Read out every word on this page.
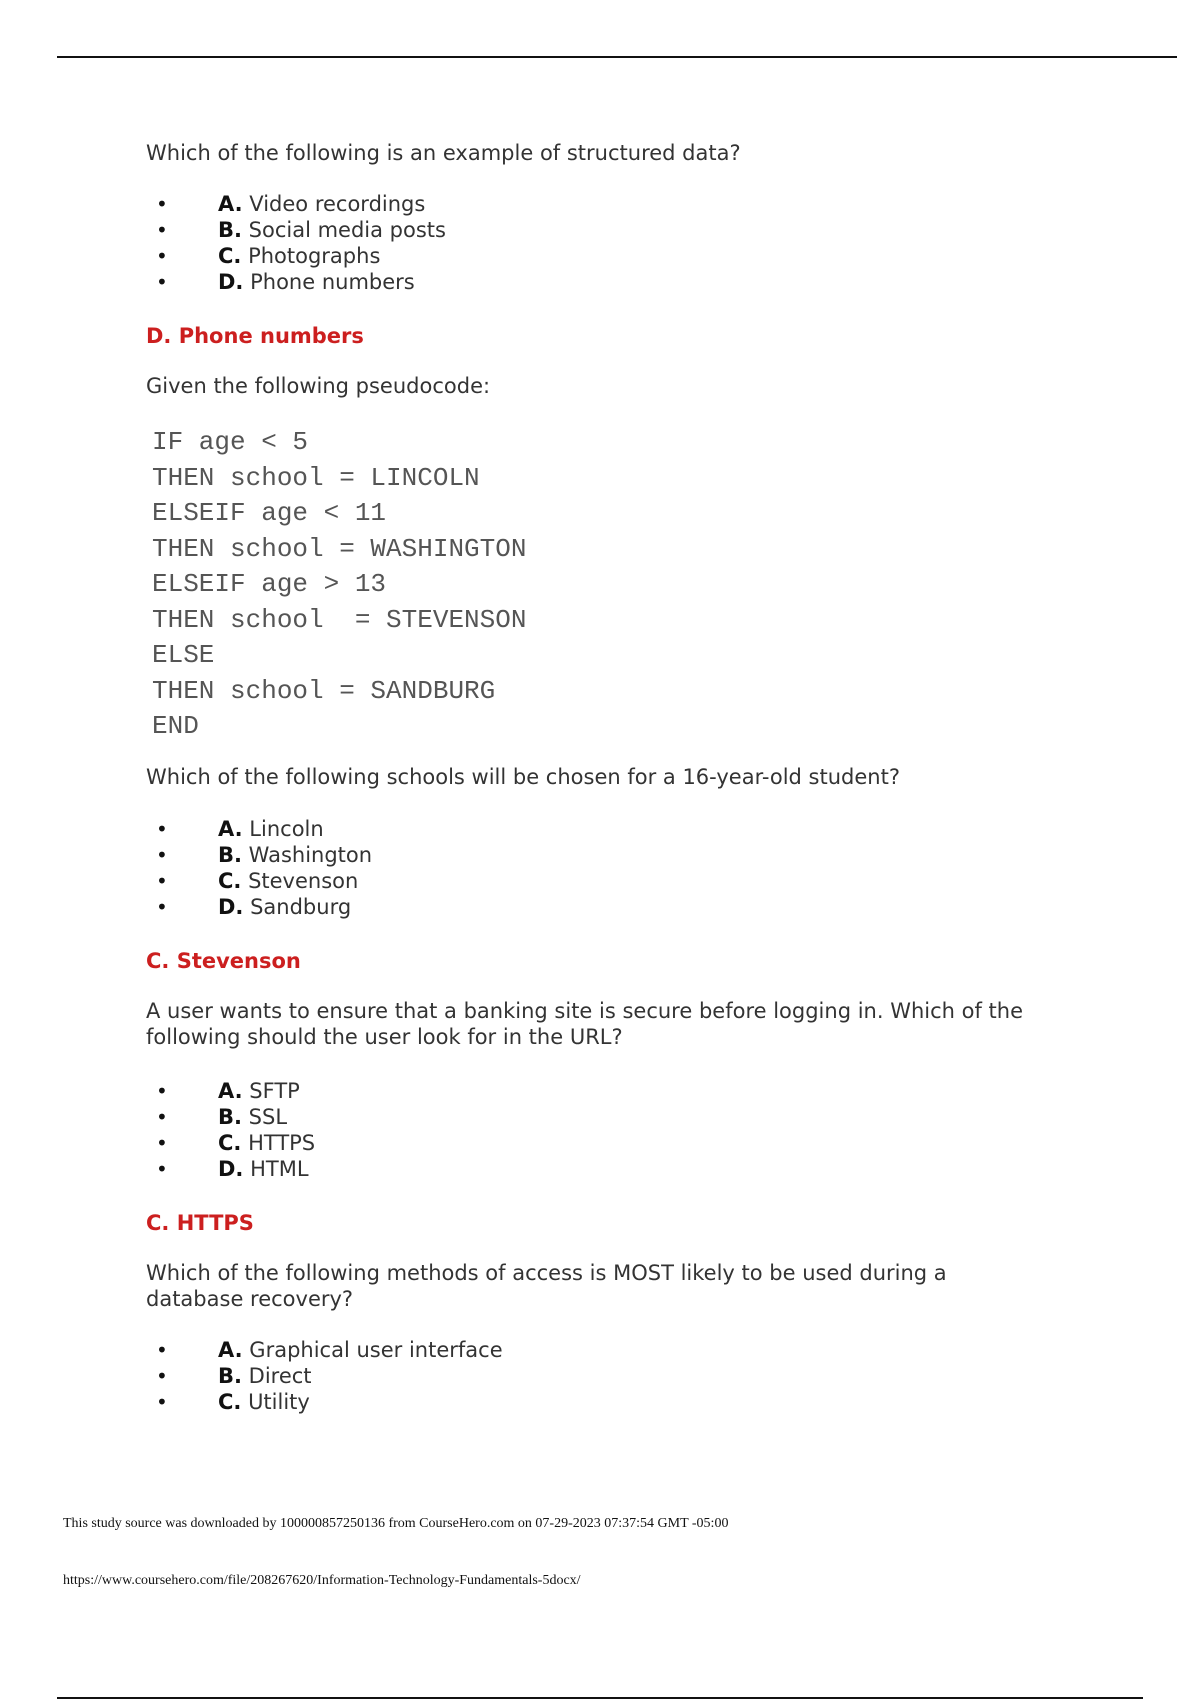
Which of the following is an example of structured data?

• A. Video recordings
• B. Social media posts
• C. Photographs
• D. Phone numbers

D. Phone numbers

Given the following pseudocode:

IF age < 5

THEN school = LINCOLN

ELSEIF age < 11

THEN school = WASHINGTON

ELSEIF age > 13

THEN school  = STEVENSON

ELSE

THEN school = SANDBURG

END

Which of the following schools will be chosen for a 16-year-old student?

• A. Lincoln
• B. Washington
• C. Stevenson
• D. Sandburg

C. Stevenson

A user wants to ensure that a banking site is secure before logging in. Which of the

following should the user look for in the URL?

• A. SFTP
• B. SSL
• C. HTTPS
• D. HTML

C. HTTPS

Which of the following methods of access is MOST likely to be used during a

database recovery?

• A. Graphical user interface
• B. Direct
• C. Utility
This study source was downloaded by 100000857250136 from CourseHero.com on 07-29-2023 07:37:54 GMT -05:00
https://www.coursehero.com/file/208267620/Information-Technology-Fundamentals-5docx/
